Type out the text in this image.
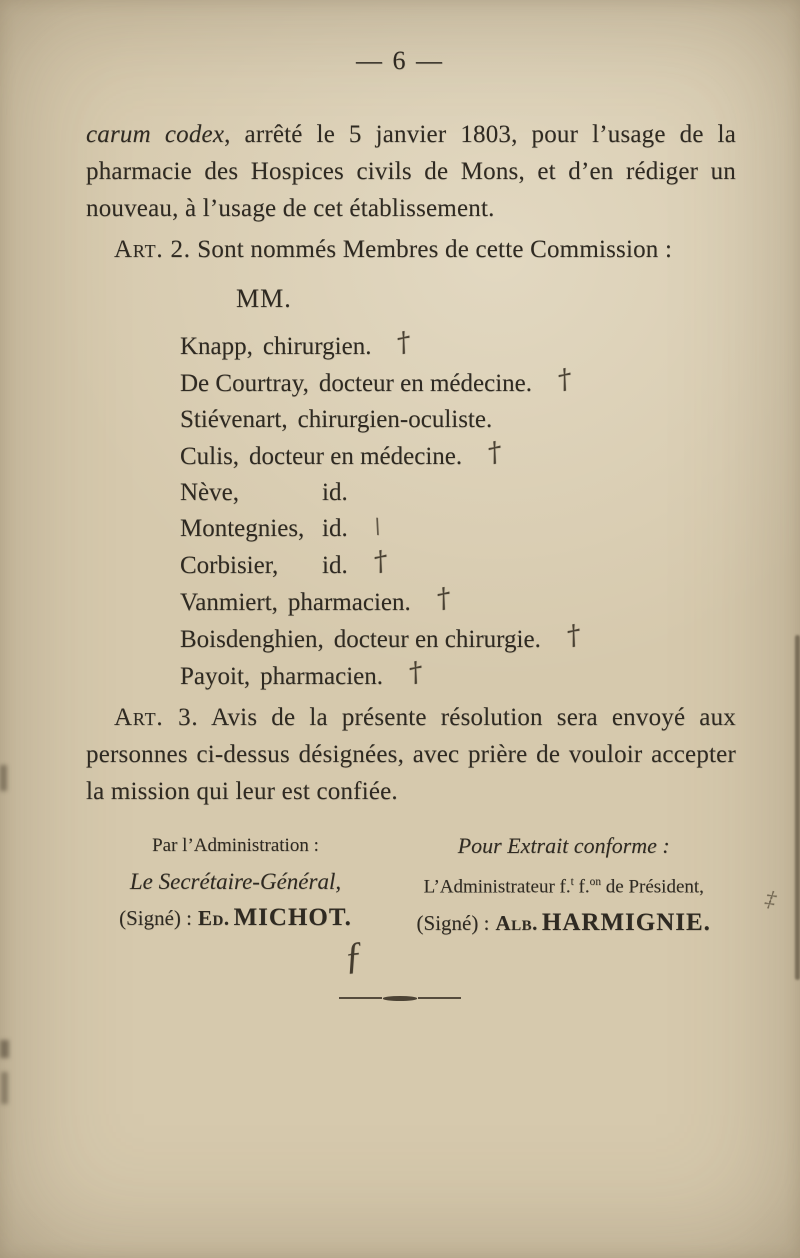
— 6 —

carum codex, arrêté le 5 janvier 1803, pour l’usage de la pharmacie des Hospices civils de Mons, et d’en rédiger un nouveau, à l’usage de cet établissement.

Art. 2. Sont nommés Membres de cette Commission :

MM.
Knapp, chirurgien. †
De Courtray, docteur en médecine. †
Stiévenart, chirurgien-oculiste.
Culis, docteur en médecine. †
Nève,	id.
Montegnies, id. \
Corbisier, id. †
Vanmiert, pharmacien. †
Boisdenghien, docteur en chirurgie. †
Payoit, pharmacien. †

Art. 3. Avis de la présente résolution sera envoyé aux personnes ci-dessus désignées, avec prière de vouloir accepter la mission qui leur est confiée.

Par l’Administration :
Le Secrétaire-Général,
(Signé) : Ed. MICHOT.
Pour Extrait conforme :
L’Administrateur f.$^t$ f.$^{on}$ de Président,
(Signé) : Alb. HARMIGNIE.
ƒ
‡
